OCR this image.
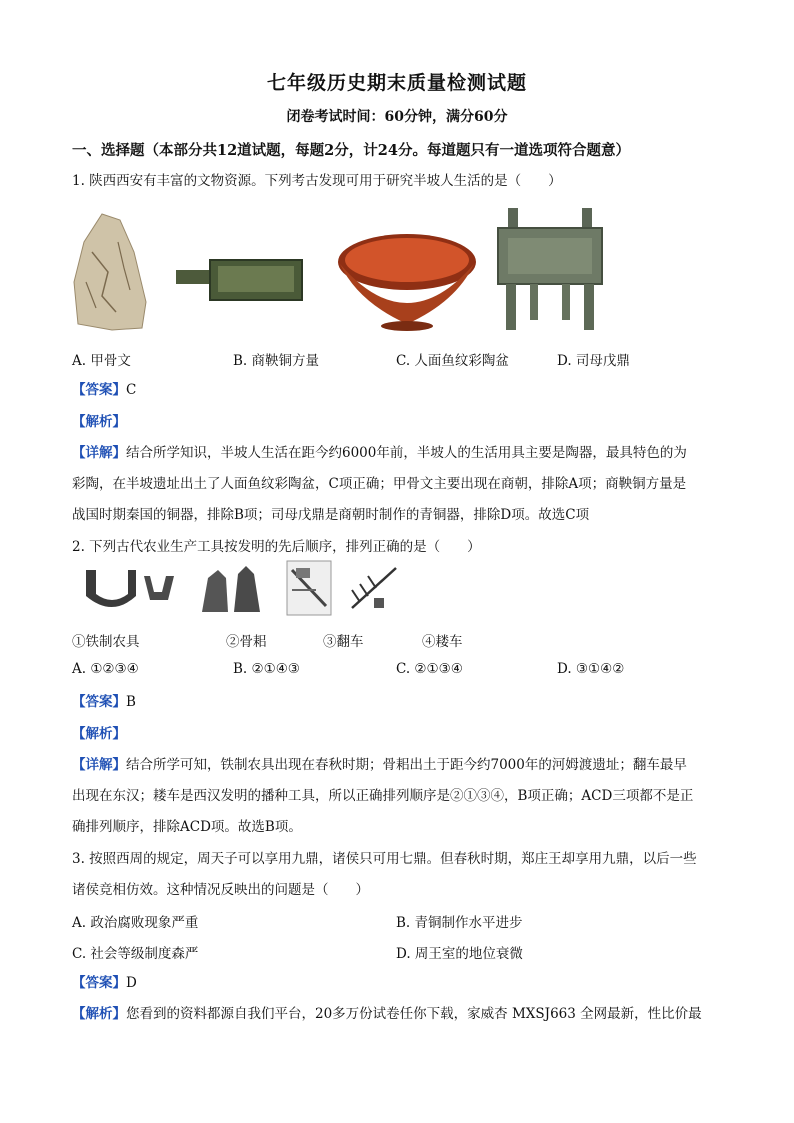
七年级历史期末质量检测试题
闭卷考试时间：60分钟，满分60分
一、选择题（本部分共12道试题，每题2分，计24分。每道题只有一道选项符合题意）
1. 陕西西安有丰富的文物资源。下列考古发现可用于研究半坡人生活的是（　　）
A. 甲骨文	B. 商鞅铜方量	C. 人面鱼纹彩陶盆	D. 司母戊鼎
【答案】C
【解析】
【详解】结合所学知识，半坡人生活在距今约6000年前，半坡人的生活用具主要是陶器，最具特色的为
彩陶，在半坡遗址出土了人面鱼纹彩陶盆，C项正确；甲骨文主要出现在商朝，排除A项；商鞅铜方量是
战国时期秦国的铜器，排除B项；司母戊鼎是商朝时制作的青铜器，排除D项。故选C项
2. 下列古代农业生产工具按发明的先后顺序，排列正确的是（　　）
①铁制农具	②骨耜	③翻车	④耧车
A. ①②③④	B. ②①④③	C. ②①③④	D. ③①④②
【答案】B
【解析】
【详解】结合所学可知，铁制农具出现在春秋时期；骨耜出土于距今约7000年的河姆渡遗址；翻车最早
出现在东汉；耧车是西汉发明的播种工具，所以正确排列顺序是②①③④，B项正确；ACD三项都不是正
确排列顺序，排除ACD项。故选B项。
3. 按照西周的规定，周天子可以享用九鼎，诸侯只可用七鼎。但春秋时期，郑庄王却享用九鼎，以后一些
诸侯竞相仿效。这种情况反映出的问题是（　　）
A. 政治腐败现象严重	B. 青铜制作水平进步
C. 社会等级制度森严	D. 周王室的地位衰微
【答案】D
【解析】您看到的资料都源自我们平台，20多万份试卷任你下载，家威杏 MXSJ663 全网最新，性比价最
